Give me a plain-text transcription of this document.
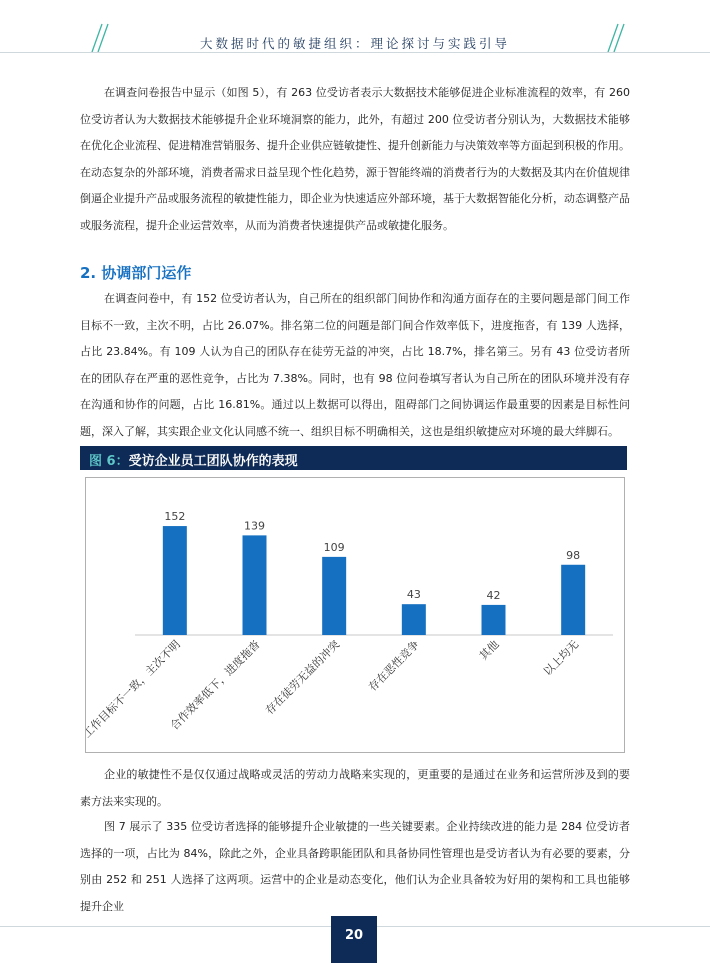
大数据时代的敏捷组织：理论探讨与实践引导

在调查问卷报告中显示（如图 5），有 263 位受访者表示大数据技术能够促进企业标准流程的效率，有 260 位受访者认为大数据技术能够提升企业环境洞察的能力，此外，有超过 200 位受访者分别认为，大数据技术能够在优化企业流程、促进精准营销服务、提升企业供应链敏捷性、提升创新能力与决策效率等方面起到积极的作用。在动态复杂的外部环境，消费者需求日益呈现个性化趋势，源于智能终端的消费者行为的大数据及其内在价值规律倒逼企业提升产品或服务流程的敏捷性能力，即企业为快速适应外部环境，基于大数据智能化分析，动态调整产品或服务流程，提升企业运营效率，从而为消费者快速提供产品或敏捷化服务。

2. 协调部门运作

在调查问卷中，有 152 位受访者认为，自己所在的组织部门间协作和沟通方面存在的主要问题是部门间工作目标不一致，主次不明，占比 26.07%。排名第二位的问题是部门间合作效率低下，进度拖沓，有 139 人选择，占比 23.84%。有 109 人认为自己的团队存在徒劳无益的冲突，占比 18.7%，排名第三。另有 43 位受访者所在的团队存在严重的恶性竞争，占比为 7.38%。同时，也有 98 位问卷填写者认为自己所在的团队环境并没有存在沟通和协作的问题，占比 16.81%。通过以上数据可以得出，阻碍部门之间协调运作最重要的因素是目标性问题，深入了解，其实跟企业文化认同感不统一、组织目标不明确相关，这也是组织敏捷应对环境的最大绊脚石。

图 6：受访企业员工团队协作的表现
152
工作目标不一致，主次不明
139
合作效率低下，进度拖沓
109
存在徒劳无益的冲突
43
存在恶性竞争
42
其他
98
以上均无

企业的敏捷性不是仅仅通过战略或灵活的劳动力战略来实现的，更重要的是通过在业务和运营所涉及到的要素方法来实现的。

图 7 展示了 335 位受访者选择的能够提升企业敏捷的一些关键要素。企业持续改进的能力是 284 位受访者选择的一项，占比为 84%，除此之外，企业具备跨职能团队和具备协同性管理也是受访者认为有必要的要素，分别由 252 和 251 人选择了这两项。运营中的企业是动态变化，他们认为企业具备较为好用的架构和工具也能够提升企业

20
